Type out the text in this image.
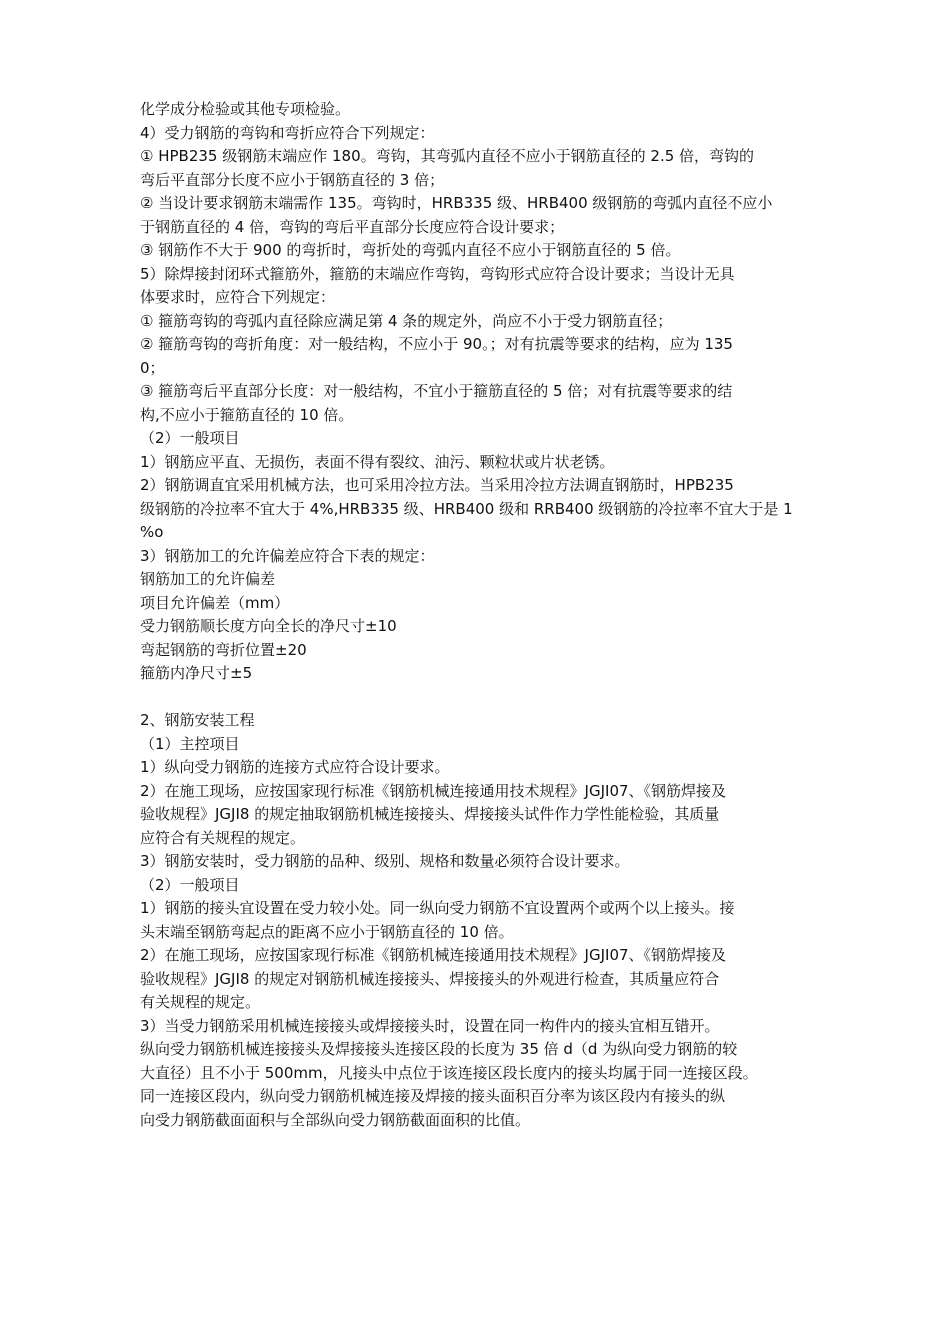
化学成分检验或其他专项检验。
4）受力钢筋的弯钩和弯折应符合下列规定：
① HPB235 级钢筋末端应作 180。弯钩，其弯弧内直径不应小于钢筋直径的 2.5 倍，弯钩的
弯后平直部分长度不应小于钢筋直径的 3 倍；
② 当设计要求钢筋末端需作 135。弯钩时，HRB335 级、HRB400 级钢筋的弯弧内直径不应小
于钢筋直径的 4 倍，弯钩的弯后平直部分长度应符合设计要求；
③ 钢筋作不大于 900 的弯折时，弯折处的弯弧内直径不应小于钢筋直径的 5 倍。
5）除焊接封闭环式箍筋外，箍筋的末端应作弯钩，弯钩形式应符合设计要求；当设计无具
体要求时，应符合下列规定：
① 箍筋弯钩的弯弧内直径除应满足第 4 条的规定外，尚应不小于受力钢筋直径；
② 箍筋弯钩的弯折角度：对一般结构，不应小于 90。；对有抗震等要求的结构，应为 135
0；
③ 箍筋弯后平直部分长度：对一般结构，不宜小于箍筋直径的 5 倍；对有抗震等要求的结
构,不应小于箍筋直径的 10 倍。
（2）一般项目
1）钢筋应平直、无损伤，表面不得有裂纹、油污、颗粒状或片状老锈。
2）钢筋调直宜采用机械方法，也可采用冷拉方法。当采用冷拉方法调直钢筋时，HPB235
级钢筋的冷拉率不宜大于 4%,HRB335 级、HRB400 级和 RRB400 级钢筋的冷拉率不宜大于是 1
%o
3）钢筋加工的允许偏差应符合下表的规定：
钢筋加工的允许偏差
项目允许偏差（mm）
受力钢筋顺长度方向全长的净尺寸±10
弯起钢筋的弯折位置±20
箍筋内净尺寸±5
2、钢筋安装工程
（1）主控项目
1）纵向受力钢筋的连接方式应符合设计要求。
2）在施工现场，应按国家现行标准《钢筋机械连接通用技术规程》JGJI07、《钢筋焊接及
验收规程》JGJI8 的规定抽取钢筋机械连接接头、焊接接头试件作力学性能检验，其质量
应符合有关规程的规定。
3）钢筋安装时，受力钢筋的品种、级别、规格和数量必须符合设计要求。
（2）一般项目
1）钢筋的接头宜设置在受力较小处。同一纵向受力钢筋不宜设置两个或两个以上接头。接
头末端至钢筋弯起点的距离不应小于钢筋直径的 10 倍。
2）在施工现场，应按国家现行标准《钢筋机械连接通用技术规程》JGJI07、《钢筋焊接及
验收规程》JGJI8 的规定对钢筋机械连接接头、焊接接头的外观进行检查，其质量应符合
有关规程的规定。
3）当受力钢筋采用机械连接接头或焊接接头时，设置在同一构件内的接头宜相互错开。
纵向受力钢筋机械连接接头及焊接接头连接区段的长度为 35 倍 d（d 为纵向受力钢筋的较
大直径）且不小于 500mm，凡接头中点位于该连接区段长度内的接头均属于同一连接区段。
同一连接区段内，纵向受力钢筋机械连接及焊接的接头面积百分率为该区段内有接头的纵
向受力钢筋截面面积与全部纵向受力钢筋截面面积的比值。
